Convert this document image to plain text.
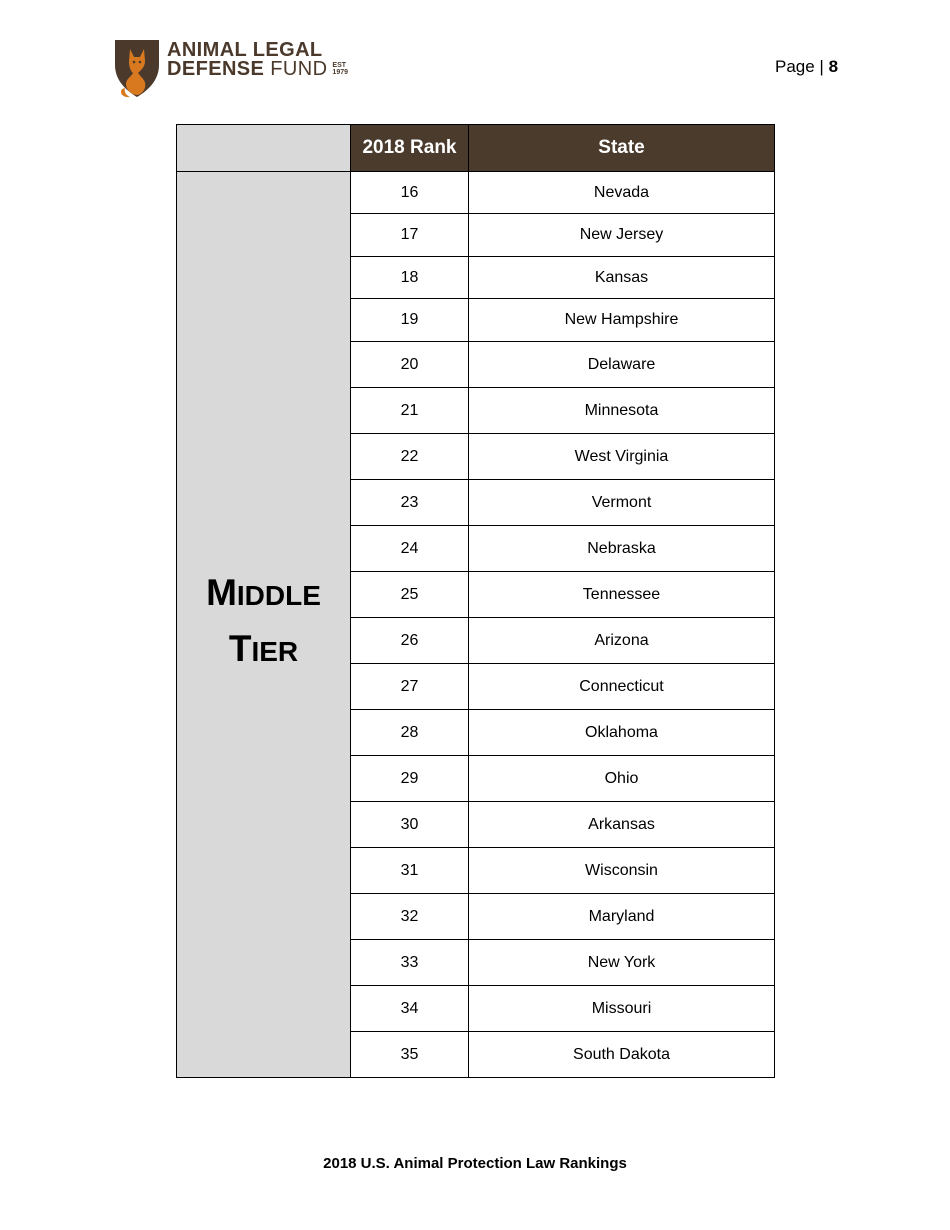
ANIMAL LEGAL
DEFENSE FUND EST
1979	Page | 8
	2018 Rank	State
MIDDLE
TIER	16	Nevada
	17	New Jersey
	18	Kansas
	19	New Hampshire
	20	Delaware
	21	Minnesota
	22	West Virginia
	23	Vermont
	24	Nebraska
	25	Tennessee
	26	Arizona
	27	Connecticut
	28	Oklahoma
	29	Ohio
	30	Arkansas
	31	Wisconsin
	32	Maryland
	33	New York
	34	Missouri
	35	South Dakota
2018 U.S. Animal Protection Law Rankings
